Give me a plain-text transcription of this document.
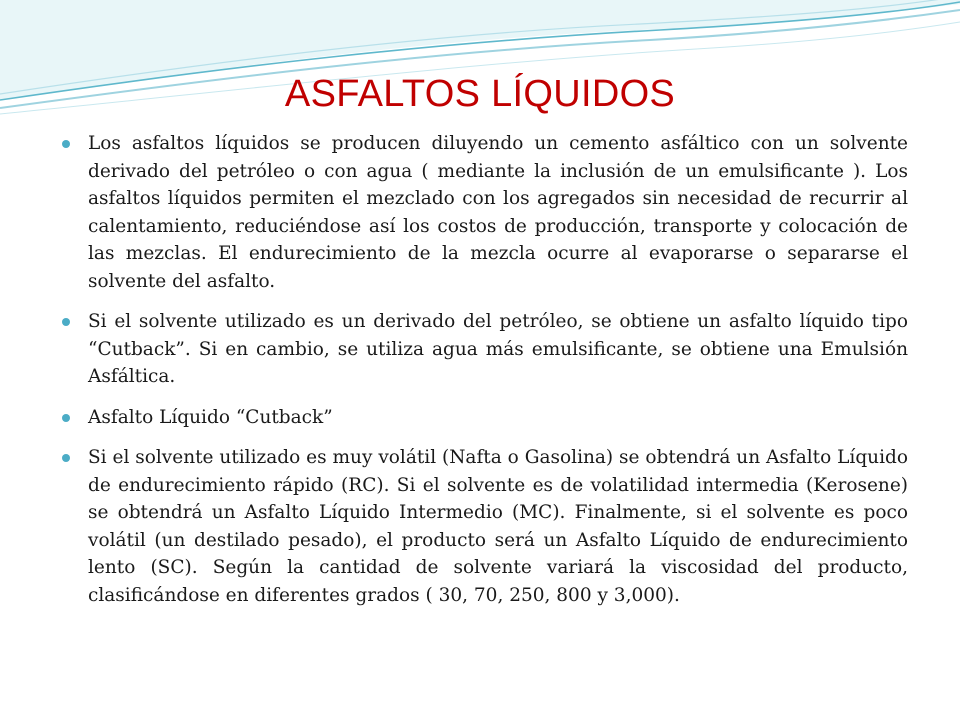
ASFALTOS LÍQUIDOS
Los asfaltos líquidos se producen diluyendo un cemento asfáltico con un solvente derivado del petróleo o con agua ( mediante la inclusión de un emulsificante ). Los asfaltos líquidos permiten el mezclado con los agregados sin necesidad de recurrir al calentamiento, reduciéndose así los costos de producción, transporte y colocación de las mezclas. El endurecimiento de la mezcla ocurre al evaporarse o separarse el solvente del asfalto.
Si el solvente utilizado es un derivado del petróleo, se obtiene un asfalto líquido tipo “Cutback”. Si en cambio, se utiliza agua más emulsificante, se obtiene una Emulsión Asfáltica.
Asfalto Líquido “Cutback”
Si el solvente utilizado es muy volátil (Nafta o Gasolina) se obtendrá un Asfalto Líquido de endurecimiento rápido (RC). Si el solvente es de volatilidad intermedia (Kerosene) se obtendrá un Asfalto Líquido Intermedio (MC). Finalmente, si el solvente es poco volátil (un destilado pesado), el producto será un Asfalto Líquido de endurecimiento lento (SC). Según la cantidad de solvente variará la viscosidad del producto, clasificándose en diferentes grados ( 30, 70, 250, 800 y 3,000).
